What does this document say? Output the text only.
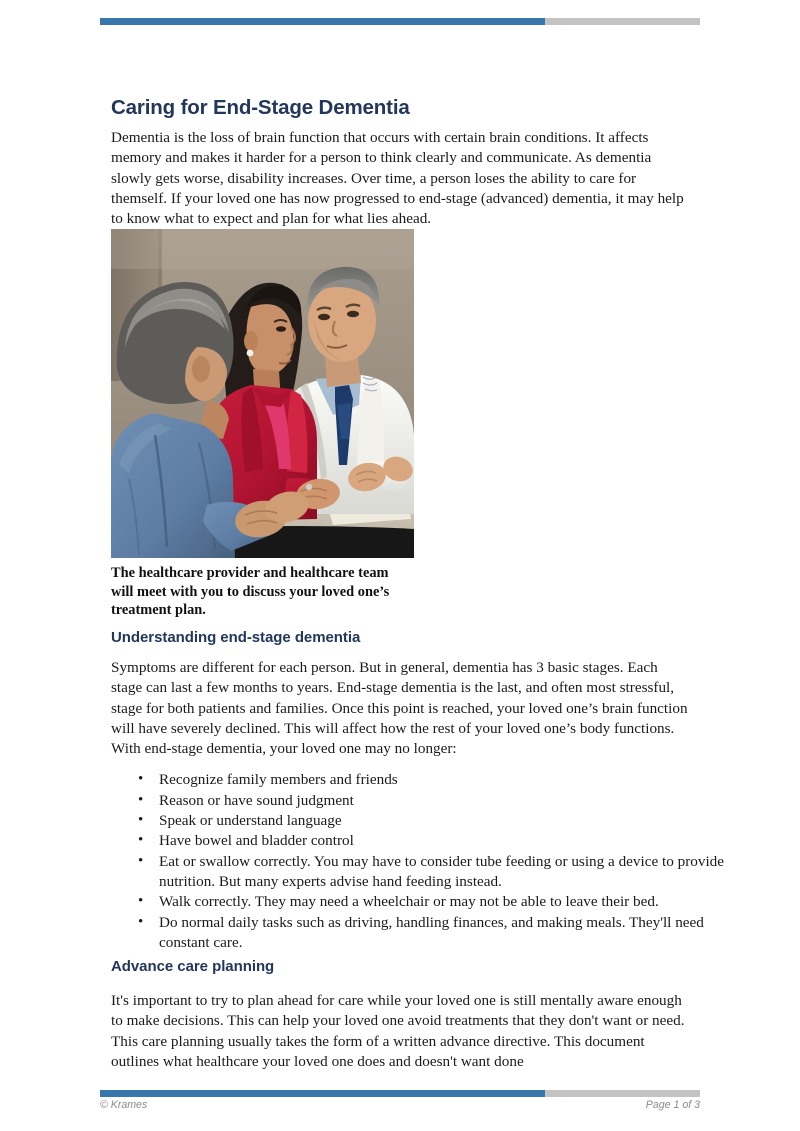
Caring for End-Stage Dementia

Dementia is the loss of brain function that occurs with certain brain conditions. It affects memory and makes it harder for a person to think clearly and communicate. As dementia slowly gets worse, disability increases. Over time, a person loses the ability to care for themself. If your loved one has now progressed to end-stage (advanced) dementia, it may help to know what to expect and plan for what lies ahead.

The healthcare provider and healthcare team will meet with you to discuss your loved one’s treatment plan.
Understanding end-stage dementia

Symptoms are different for each person. But in general, dementia has 3 basic stages. Each stage can last a few months to years. End-stage dementia is the last, and often most stressful, stage for both patients and families. Once this point is reached, your loved one’s brain function will have severely declined. This will affect how the rest of your loved one’s body functions. With end-stage dementia, your loved one may no longer:

• Recognize family members and friends
• Reason or have sound judgment
• Speak or understand language
• Have bowel and bladder control
• Eat or swallow correctly. You may have to consider tube feeding or using a device to provide nutrition. But many experts advise hand feeding instead.
• Walk correctly. They may need a wheelchair or may not be able to leave their bed.
• Do normal daily tasks such as driving, handling finances, and making meals. They'll need constant care.
Advance care planning

It's important to try to plan ahead for care while your loved one is still mentally aware enough to make decisions. This can help your loved one avoid treatments that they don't want or need. This care planning usually takes the form of a written advance directive. This document outlines what healthcare your loved one does and doesn't want done

© Krames	Page 1 of 3
